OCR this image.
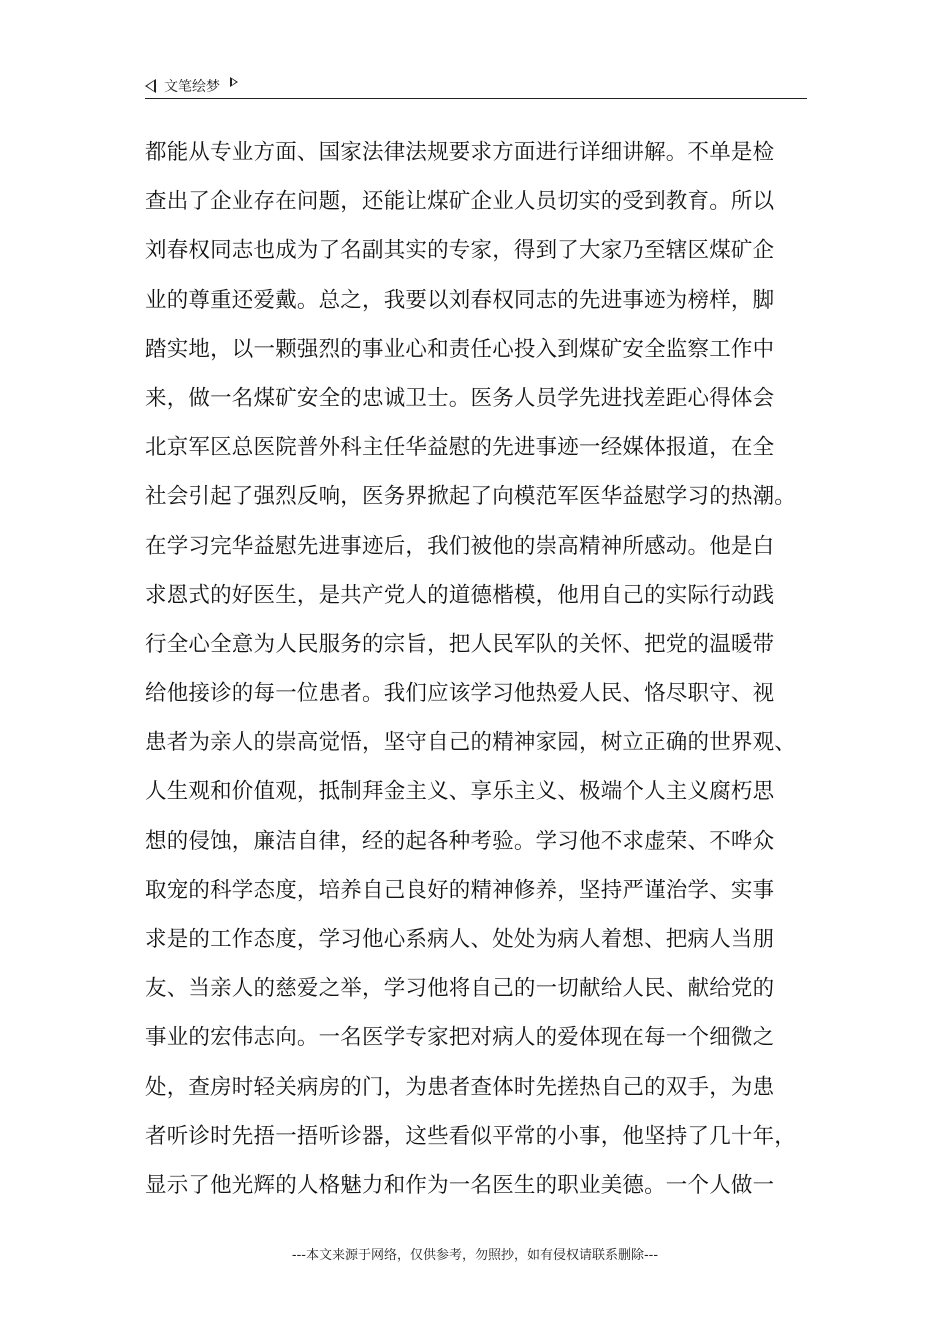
文笔绘梦
都能从专业方面、国家法律法规要求方面进行详细讲解。不单是检
查出了企业存在问题，还能让煤矿企业人员切实的受到教育。所以
刘春权同志也成为了名副其实的专家，得到了大家乃至辖区煤矿企
业的尊重还爱戴。总之，我要以刘春权同志的先进事迹为榜样，脚
踏实地，以一颗强烈的事业心和责任心投入到煤矿安全监察工作中
来，做一名煤矿安全的忠诚卫士。医务人员学先进找差距心得体会
北京军区总医院普外科主任华益慰的先进事迹一经媒体报道，在全
社会引起了强烈反响，医务界掀起了向模范军医华益慰学习的热潮。
在学习完华益慰先进事迹后，我们被他的崇高精神所感动。他是白
求恩式的好医生，是共产党人的道德楷模，他用自己的实际行动践
行全心全意为人民服务的宗旨，把人民军队的关怀、把党的温暖带
给他接诊的每一位患者。我们应该学习他热爱人民、恪尽职守、视
患者为亲人的崇高觉悟，坚守自己的精神家园，树立正确的世界观、
人生观和价值观，抵制拜金主义、享乐主义、极端个人主义腐朽思
想的侵蚀，廉洁自律，经的起各种考验。学习他不求虚荣、不哗众
取宠的科学态度，培养自己良好的精神修养，坚持严谨治学、实事
求是的工作态度，学习他心系病人、处处为病人着想、把病人当朋
友、当亲人的慈爱之举，学习他将自己的一切献给人民、献给党的
事业的宏伟志向。一名医学专家把对病人的爱体现在每一个细微之
处，查房时轻关病房的门，为患者查体时先搓热自己的双手，为患
者听诊时先捂一捂听诊器，这些看似平常的小事，他坚持了几十年，
显示了他光辉的人格魅力和作为一名医生的职业美德。一个人做一
---本文来源于网络，仅供参考，勿照抄，如有侵权请联系删除---
